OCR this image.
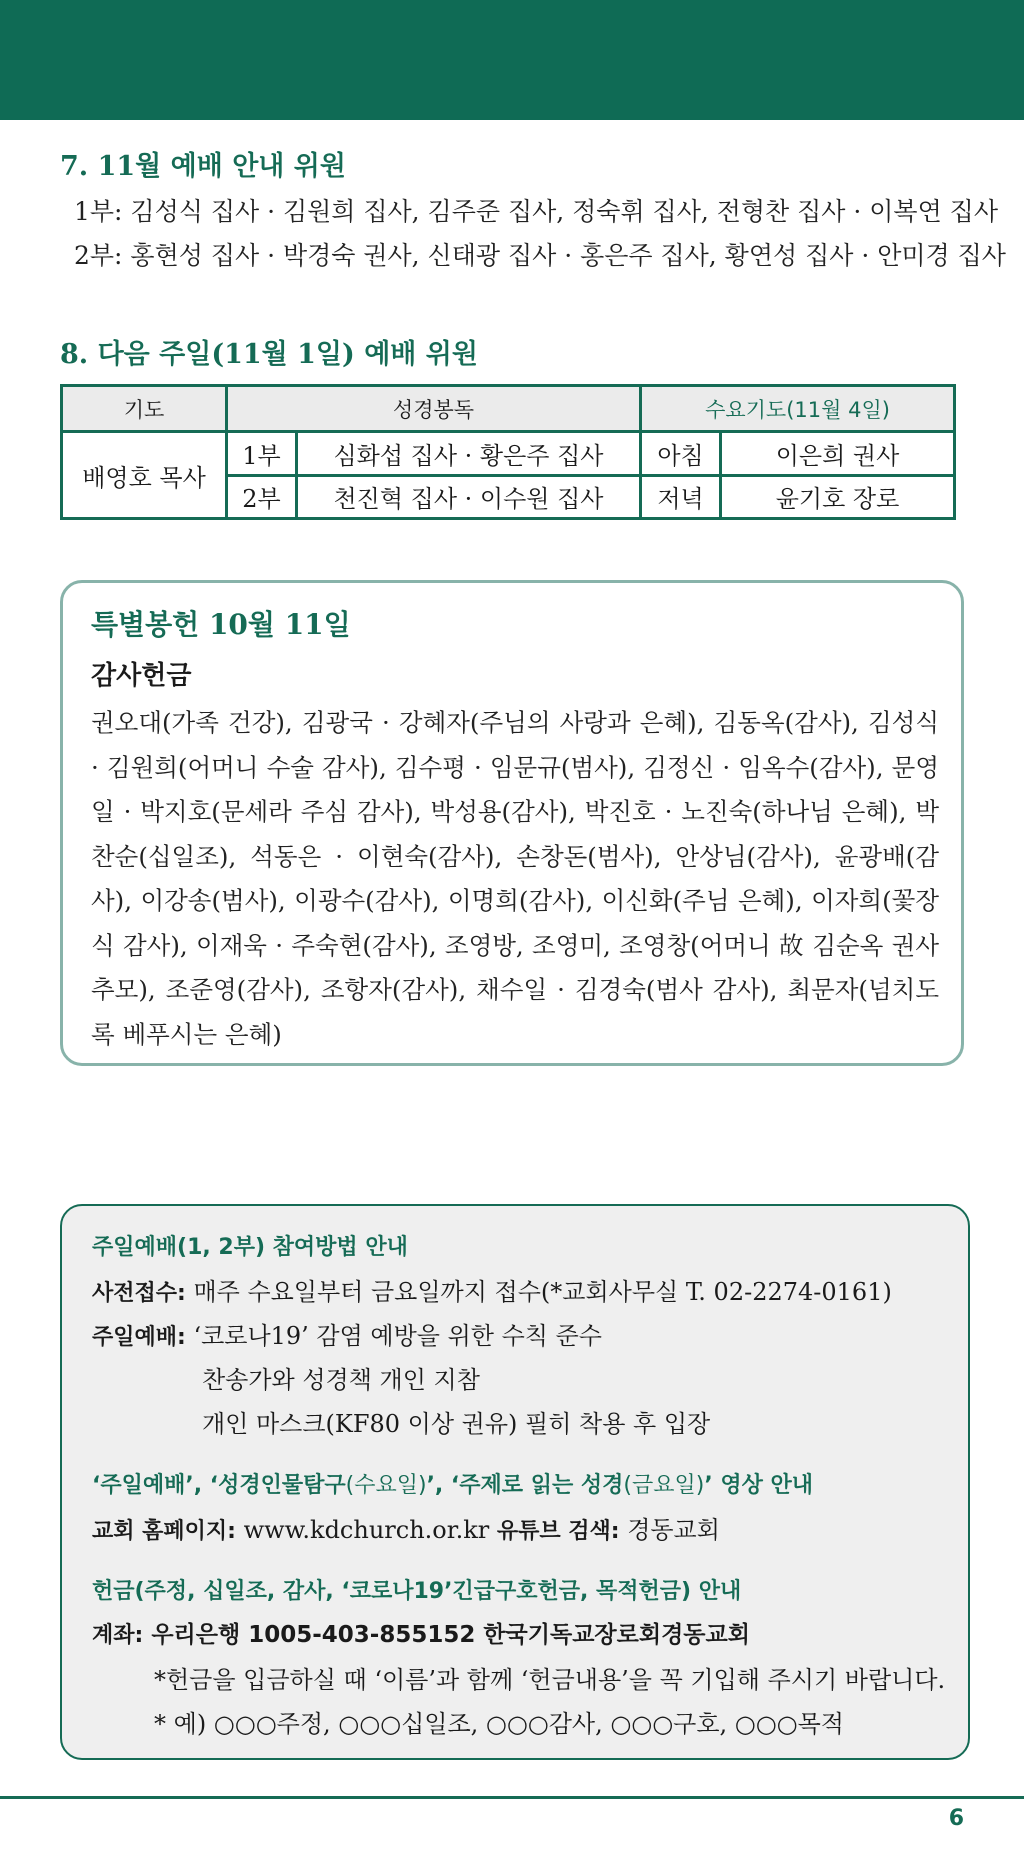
7. 11월 예배 안내 위원
1부: 김성식 집사 · 김원희 집사, 김주준 집사, 정숙휘 집사, 전형찬 집사 · 이복연 집사
2부: 홍현성 집사 · 박경숙 권사, 신태광 집사 · 홍은주 집사, 황연성 집사 · 안미경 집사
8. 다음 주일(11월 1일) 예배 위원
기도	성경봉독		수요기도(11월 4일)	
배영호 목사	1부	심화섭 집사 · 황은주 집사	아침	이은희 권사
	2부	천진혁 집사 · 이수원 집사	저녁	윤기호 장로
특별봉헌 10월 11일
감사헌금
권오대(가족 건강), 김광국 · 강혜자(주님의 사랑과 은혜), 김동옥(감사), 김성식 · 김원희(어머니 수술 감사), 김수평 · 임문규(범사), 김정신 · 임옥수(감사), 문영일 · 박지호(문세라 주심 감사), 박성용(감사), 박진호 · 노진숙(하나님 은혜), 박찬순(십일조), 석동은 · 이현숙(감사), 손창돈(범사), 안상님(감사), 윤광배(감사), 이강송(범사), 이광수(감사), 이명희(감사), 이신화(주님 은혜), 이자희(꽃장식 감사), 이재욱 · 주숙현(감사), 조영방, 조영미, 조영창(어머니 故 김순옥 권사 추모), 조준영(감사), 조항자(감사), 채수일 · 김경숙(범사 감사), 최문자(넘치도록 베푸시는 은혜)
주일예배(1, 2부) 참여방법 안내
사전접수: 매주 수요일부터 금요일까지 접수(*교회사무실 T. 02-2274-0161)
주일예배: ‘코로나19’ 감염 예방을 위한 수칙 준수
찬송가와 성경책 개인 지참
개인 마스크(KF80 이상 권유) 필히 착용 후 입장
‘주일예배’, ‘성경인물탐구(수요일)’, ‘주제로 읽는 성경(금요일)’ 영상 안내
교회 홈페이지: www.kdchurch.or.kr 유튜브 검색: 경동교회
헌금(주정, 십일조, 감사, ‘코로나19’긴급구호헌금, 목적헌금) 안내
계좌: 우리은행 1005-403-855152 한국기독교장로회경동교회
*헌금을 입금하실 때 ‘이름’과 함께 ‘헌금내용’을 꼭 기입해 주시기 바랍니다.
* 예) ○○○주정, ○○○십일조, ○○○감사, ○○○구호, ○○○목적
6
